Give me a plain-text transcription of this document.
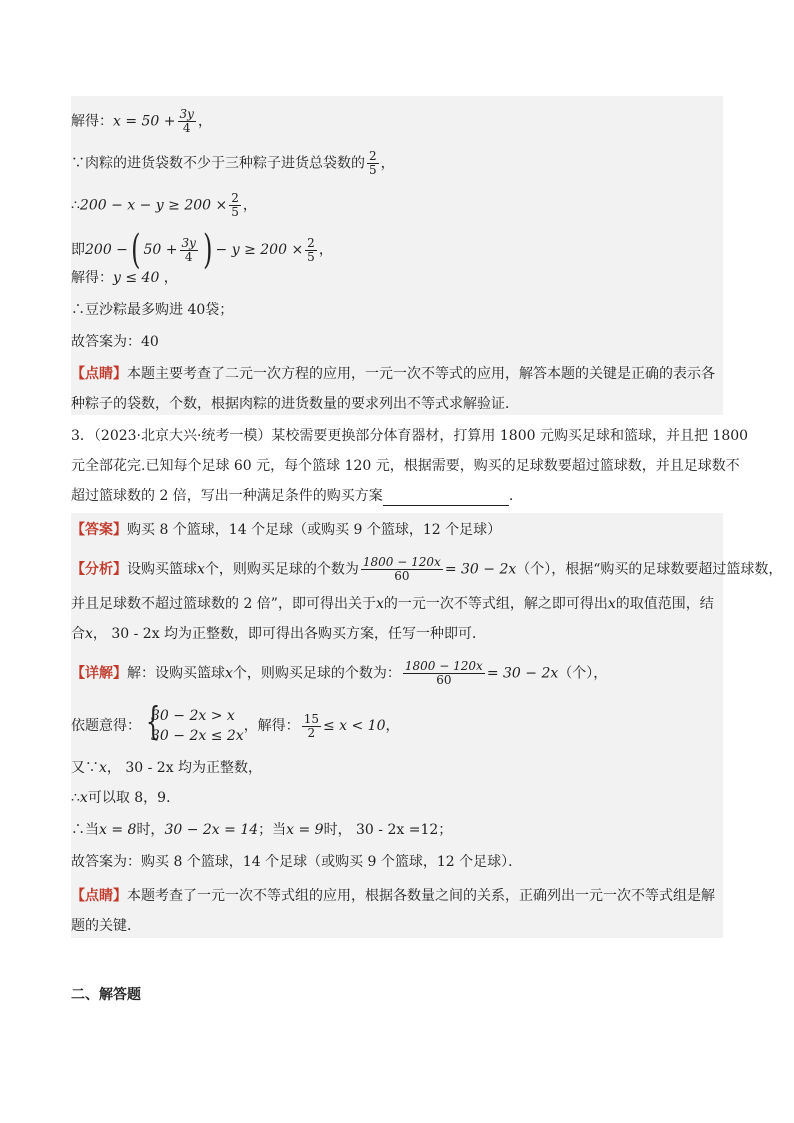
解得：$x = 50 + \frac{3y}{4}$ ，
∵肉粽的进货袋数不少于三种粽子进货总袋数的 $\frac{2}{5}$ ，
∴200 − $x - y \ge 200 \times \frac{2}{5}$ ，
即200 −( $50 + \frac{3y}{4}$ ) − $y \ge 200 \times \frac{2}{5}$ ，
解得：y ≤ 40 ，
∴豆沙粽最多购进 40袋；
故答案为：40
【点睛】本题主要考查了二元一次方程的应用，一元一次不等式的应用，解答本题的关键是正确的表示各
种粽子的袋数，个数，根据肉粽的进货数量的要求列出不等式求解验证．
3．（2023·北京大兴·统考一模）某校需要更换部分体育器材，打算用 1800 元购买足球和篮球，并且把 1800
元全部花完.已知每个足球 60 元，每个篮球 120 元，根据需要，购买的足球数要超过篮球数，并且足球数不
超过篮球数的 2 倍，写出一种满足条件的购买方案	.
【答案】购买 8 个篮球，14 个足球（或购买 9 个篮球，12 个足球）
【分析】设购买篮球x个，则购买足球的个数为 $\frac{1800 - 120x}{60} = 30 - 2x$（个），根据“购买的足球数要超过篮球数，
并且足球数不超过篮球数的 2 倍”，即可得出关于x的一元一次不等式组，解之即可得出x的取值范围，结
合x， 30 - 2x 均为正整数，即可得出各购买方案，任写一种即可．
【详解】解：设购买篮球x个，则购买足球的个数为： $\frac{1800 - 120x}{60} = 30 - 2x$（个），
依题意得： {
30 − 2x > x
30 − 2x ≤ 2x
，解得： $\frac{15}{2} \le x < 10$，
又∵x， 30 - 2x 均为正整数，
∴x可以取 8，9．
∴当x = 8时，30 − 2x = 14；当x = 9时， 30 - 2x =12；
故答案为：购买 8 个篮球，14 个足球（或购买 9 个篮球，12 个足球）．
【点睛】本题考查了一元一次不等式组的应用，根据各数量之间的关系，正确列出一元一次不等式组是解
题的关键．
二、解答题
